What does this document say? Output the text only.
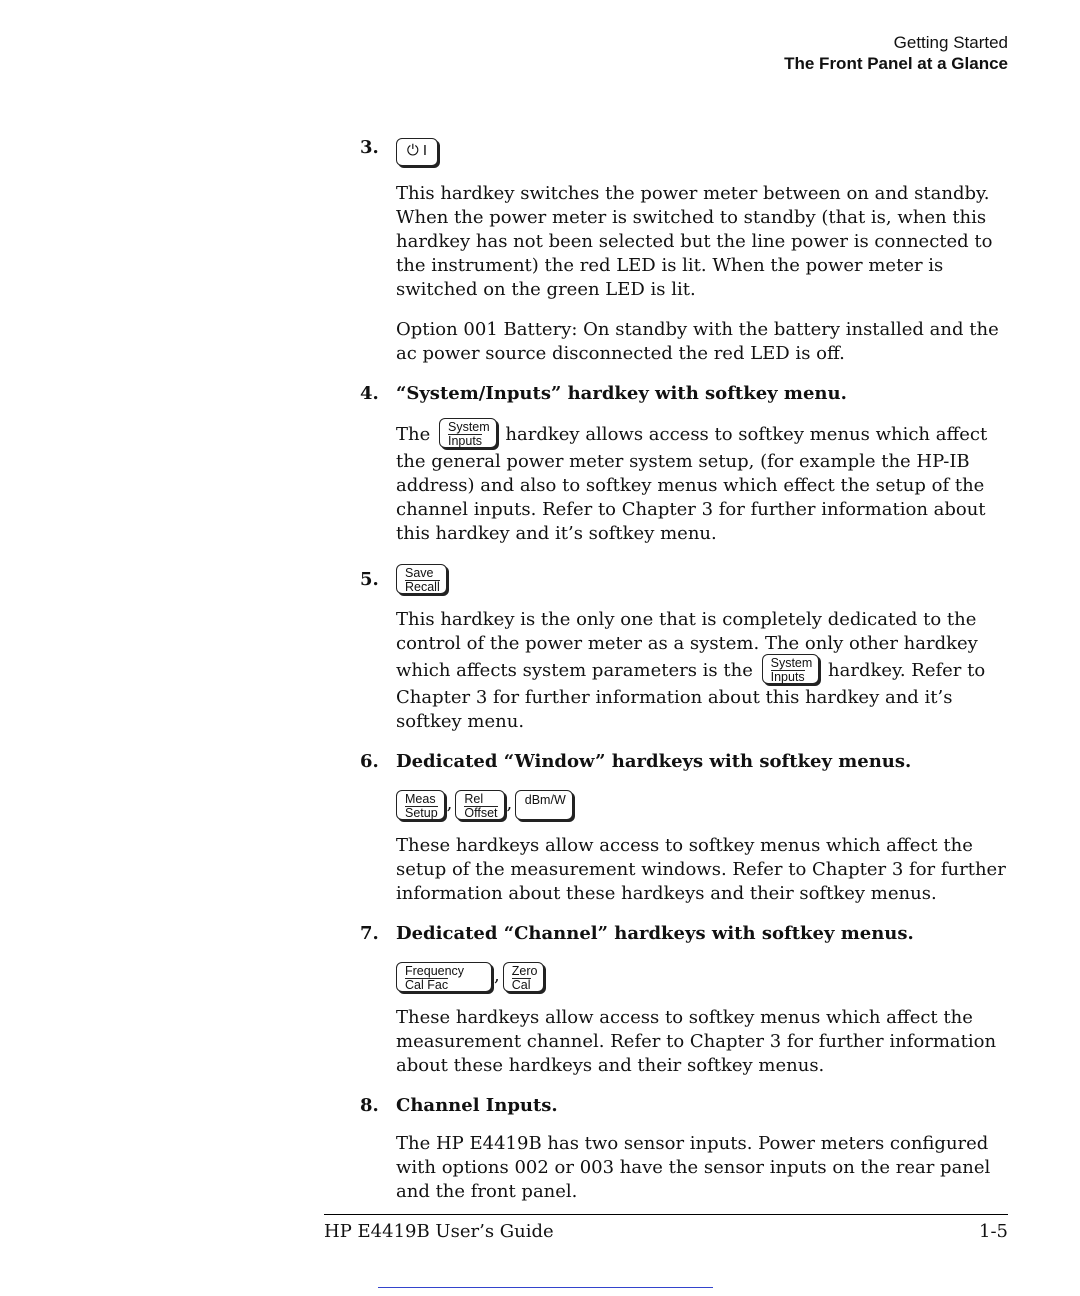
Getting Started
The Front Panel at a Glance
3.	⏻ I

This hardkey switches the power meter between on and standby. When the power meter is switched to standby (that is, when this hardkey has not been selected but the line power is connected to the instrument) the red LED is lit. When the power meter is switched on the green LED is lit.

Option 001 Battery: On standby with the battery installed and the ac power source disconnected the red LED is off.

4. “System/Inputs” hardkey with softkey menu.

The System
Inputs hardkey allows access to softkey menus which affect the general power meter system setup, (for example the HP-IB address) and also to softkey menus which effect the setup of the channel inputs. Refer to Chapter 3 for further information about this hardkey and it’s softkey menu.

5. Save
Recall

This hardkey is the only one that is completely dedicated to the control of the power meter as a system. The only other hardkey which affects system parameters is the System
Inputs hardkey. Refer to Chapter 3 for further information about this hardkey and it’s softkey menu.

6. Dedicated “Window” hardkeys with softkey menus.
Meas
Setup , Rel
Offset , dBm/W

These hardkeys allow access to softkey menus which affect the setup of the measurement windows. Refer to Chapter 3 for further information about these hardkeys and their softkey menus.

7. Dedicated “Channel” hardkeys with softkey menus.
Frequency
Cal Fac	, Zero
Cal

These hardkeys allow access to softkey menus which affect the measurement channel. Refer to Chapter 3 for further information about these hardkeys and their softkey menus.

8. Channel Inputs.

The HP E4419B has two sensor inputs. Power meters configured with options 002 or 003 have the sensor inputs on the rear panel and the front panel.

HP E4419B User’s Guide	1-5
